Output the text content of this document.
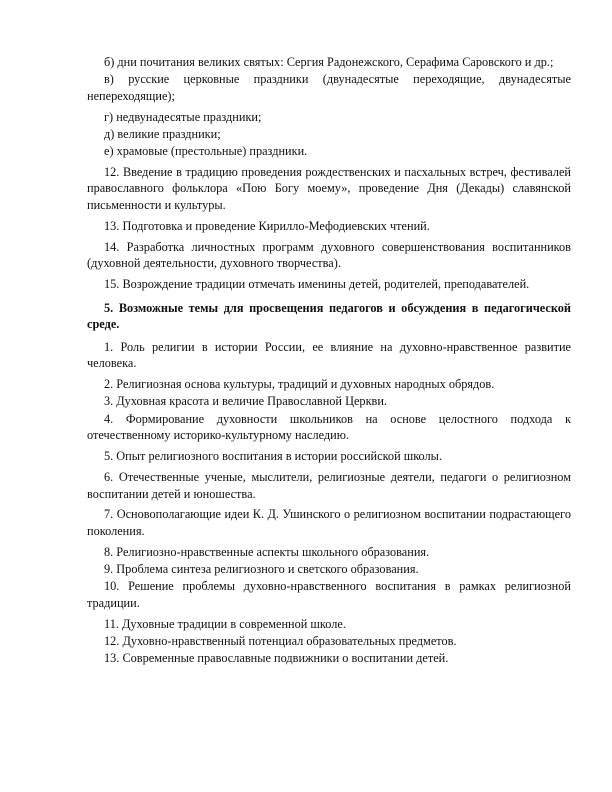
б) дни почитания великих святых: Сергия Радонежского, Серафима Саровского и др.;

в) русские церковные праздники (двунадесятые переходящие, двунадесятые непереходящие);

г) недвунадесятые праздники;

д) великие праздники;

е) храмовые (престольные) праздники.

12. Введение в традицию проведения рождественских и пасхальных встреч, фестивалей православного фольклора «Пою Богу моему», проведение Дня (Декады) славянской письменности и культуры.

13. Подготовка и проведение Кирилло-Мефодиевских чтений.

14. Разработка личностных программ духовного совершенствования воспитанников (духовной деятельности, духовного творчества).

15. Возрождение традиции отмечать именины детей, родителей, преподавателей.

5. Возможные темы для просвещения педагогов и обсуждения в педагогической среде.

1. Роль религии в истории России, ее влияние на духовно-нравственное развитие человека.

2. Религиозная основа культуры, традиций и духовных народных обрядов.

3. Духовная красота и величие Православной Церкви.

4. Формирование духовности школьников на основе целостного подхода к отечественному историко-культурному наследию.

5. Опыт религиозного воспитания в истории российской школы.

6. Отечественные ученые, мыслители, религиозные деятели, педагоги о религиозном воспитании детей и юношества.

7. Основополагающие идеи К. Д. Ушинского о религиозном воспитании подрастающего поколения.

8. Религиозно-нравственные аспекты школьного образования.

9. Проблема синтеза религиозного и светского образования.

10. Решение проблемы духовно-нравственного воспитания в рамках религиозной традиции.

11. Духовные традиции в современной школе.

12. Духовно-нравственный потенциал образовательных предметов.

13. Современные православные подвижники о воспитании детей.
